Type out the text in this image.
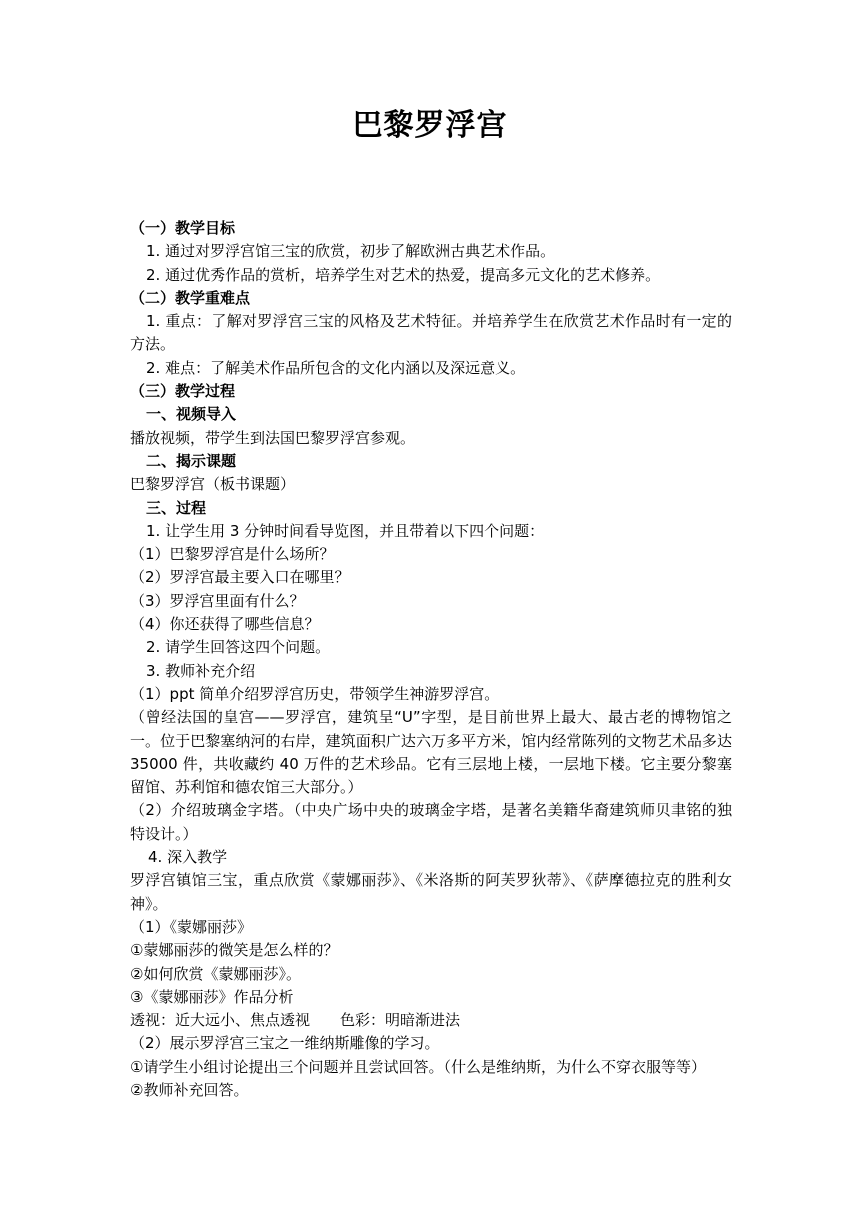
巴黎罗浮宫
（一）教学目标
1. 通过对罗浮宫馆三宝的欣赏，初步了解欧洲古典艺术作品。
2. 通过优秀作品的赏析，培养学生对艺术的热爱，提高多元文化的艺术修养。
（二）教学重难点
1. 重点：了解对罗浮宫三宝的风格及艺术特征。并培养学生在欣赏艺术作品时有一定的方法。
2. 难点：了解美术作品所包含的文化内涵以及深远意义。
（三）教学过程
一、视频导入
播放视频，带学生到法国巴黎罗浮宫参观。
二、揭示课题
巴黎罗浮宫（板书课题）
三、过程
1. 让学生用 3 分钟时间看导览图，并且带着以下四个问题：
（1）巴黎罗浮宫是什么场所？
（2）罗浮宫最主要入口在哪里？
（3）罗浮宫里面有什么？
（4）你还获得了哪些信息？
2. 请学生回答这四个问题。
3. 教师补充介绍
（1）ppt 简单介绍罗浮宫历史，带领学生神游罗浮宫。
（曾经法国的皇宫——罗浮宫，建筑呈“U”字型，是目前世界上最大、最古老的博物馆之一。位于巴黎塞纳河的右岸，建筑面积广达六万多平方米，馆内经常陈列的文物艺术品多达 35000 件，共收藏约 40 万件的艺术珍品。它有三层地上楼，一层地下楼。它主要分黎塞留馆、苏利馆和德农馆三大部分。）
（2）介绍玻璃金字塔。（中央广场中央的玻璃金字塔，是著名美籍华裔建筑师贝聿铭的独特设计。）
4. 深入教学
罗浮宫镇馆三宝，重点欣赏《蒙娜丽莎》、《米洛斯的阿芙罗狄蒂》、《萨摩德拉克的胜利女神》。
（1）《蒙娜丽莎》
①蒙娜丽莎的微笑是怎么样的？
②如何欣赏《蒙娜丽莎》。
③《蒙娜丽莎》作品分析
透视：近大远小、焦点透视　　色彩：明暗渐进法
（2）展示罗浮宫三宝之一维纳斯雕像的学习。
①请学生小组讨论提出三个问题并且尝试回答。（什么是维纳斯，为什么不穿衣服等等）
②教师补充回答。
